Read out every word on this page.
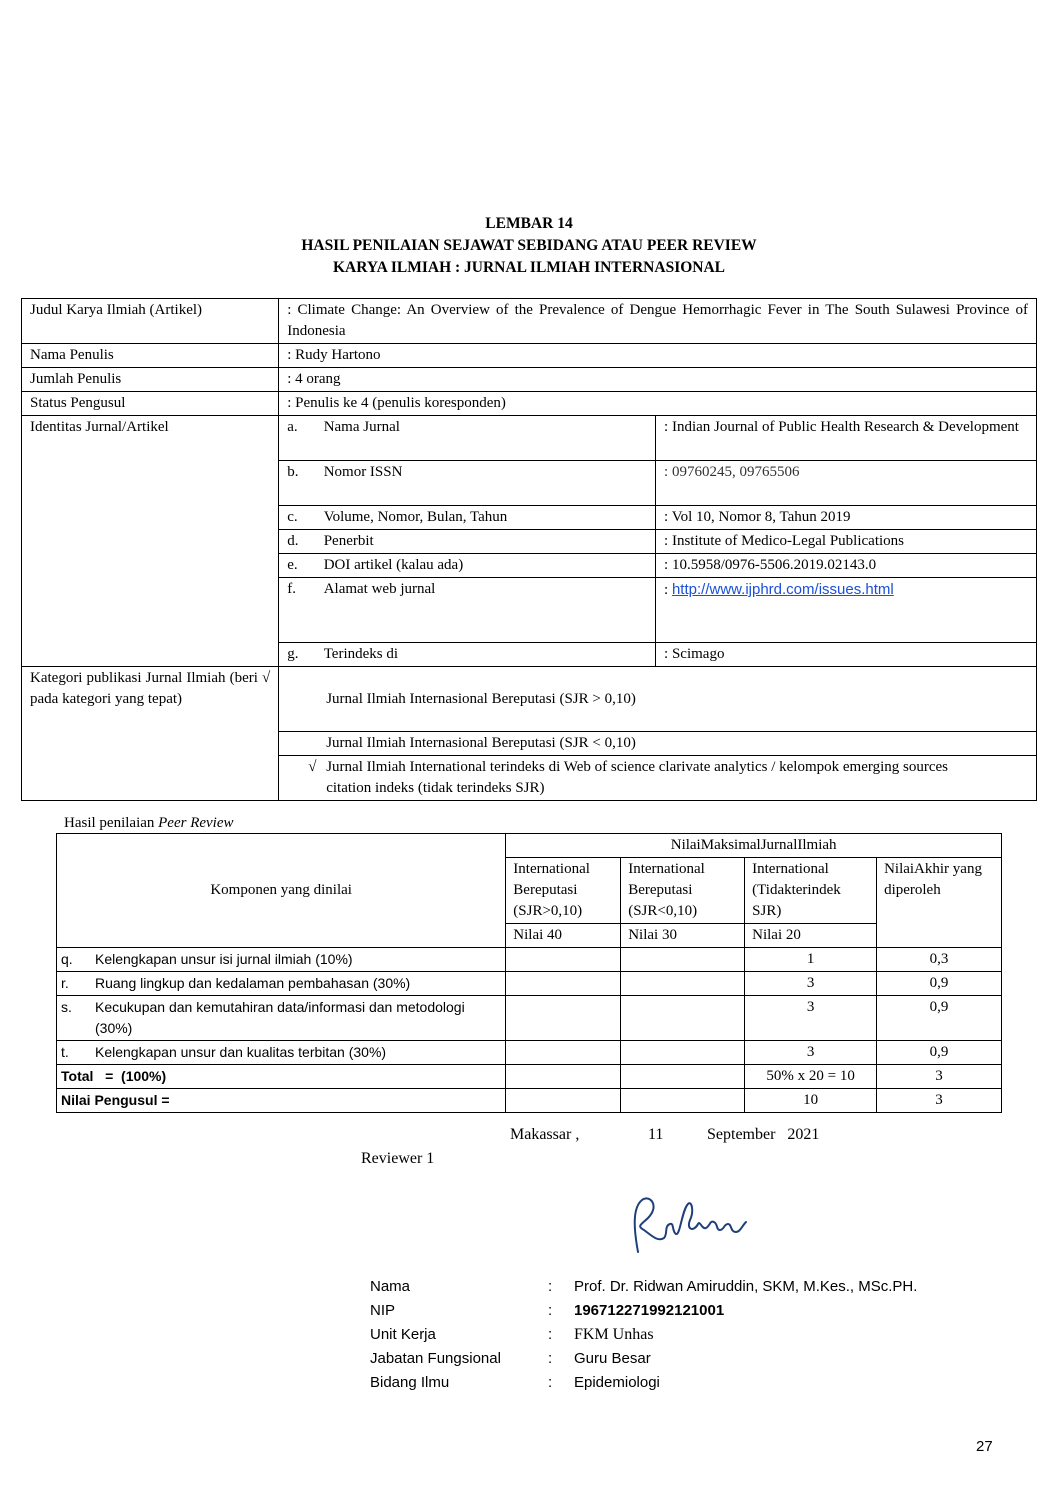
LEMBAR 14
HASIL PENILAIAN SEJAWAT SEBIDANG ATAU PEER REVIEW
KARYA ILMIAH : JURNAL ILMIAH INTERNASIONAL
Judul Karya Ilmiah (Artikel)	: Climate Change: An Overview of the Prevalence of Dengue Hemorrhagic Fever in The South Sulawesi Province of Indonesia		
Nama Penulis	: Rudy Hartono		
Jumlah Penulis	: 4 orang		
Status Pengusul	: Penulis ke 4 (penulis koresponden)		
Identitas Jurnal/Artikel	a.	Nama Jurnal	: Indian Journal of Public Health Research & Development
	b.	Nomor ISSN	: 09760245, 09765506
	c.	Volume, Nomor, Bulan, Tahun	: Vol 10, Nomor 8, Tahun 2019
	d.	Penerbit	: Institute of Medico-Legal Publications
	e.	DOI artikel (kalau ada)	: 10.5958/0976-5506.2019.02143.0
	f.	Alamat web jurnal	: http://www.ijphrd.com/issues.html
	g.	Terindeks di	: Scimago
Kategori publikasi Jurnal Ilmiah (beri √ pada kategori yang tepat)	Jurnal Ilmiah Internasional Bereputasi (SJR > 0,10)		
	Jurnal Ilmiah Internasional Bereputasi (SJR < 0,10)		

	√ Jurnal Ilmiah International terindeks di Web of science clarivate analytics / kelompok emerging sources citation indeks (tidak terindeks SJR)		
Hasil penilaian Peer Review
Komponen yang dinilai	NilaiMaksimalJurnalIlmiah			
	International Bereputasi (SJR>0,10)	International Bereputasi (SJR<0,10)	International (Tidakterindek SJR)	NilaiAkhir yang diperoleh
	Nilai 40	Nilai 30	Nilai 20	

q. Kelengkapan unsur isi jurnal ilmiah (10%)			1	0,3

r. Ruang lingkup dan kedalaman pembahasan (30%)			3	0,9

s. Kecukupan dan kemutahiran data/informasi dan metodologi (30%)			3	0,9

t. Kelengkapan unsur dan kualitas terbitan (30%)			3	0,9
Total   =  (100%)			50% x 20 = 10	3
Nilai Pengusul =			10	3
Makassar ,	11	September   2021
Reviewer 1
Nama	: Prof. Dr. Ridwan Amiruddin, SKM, M.Kes., MSc.PH.
NIP	: 196712271992121001
Unit Kerja	: FKM Unhas
Jabatan Fungsional	: Guru Besar
Bidang Ilmu	: Epidemiologi
27
